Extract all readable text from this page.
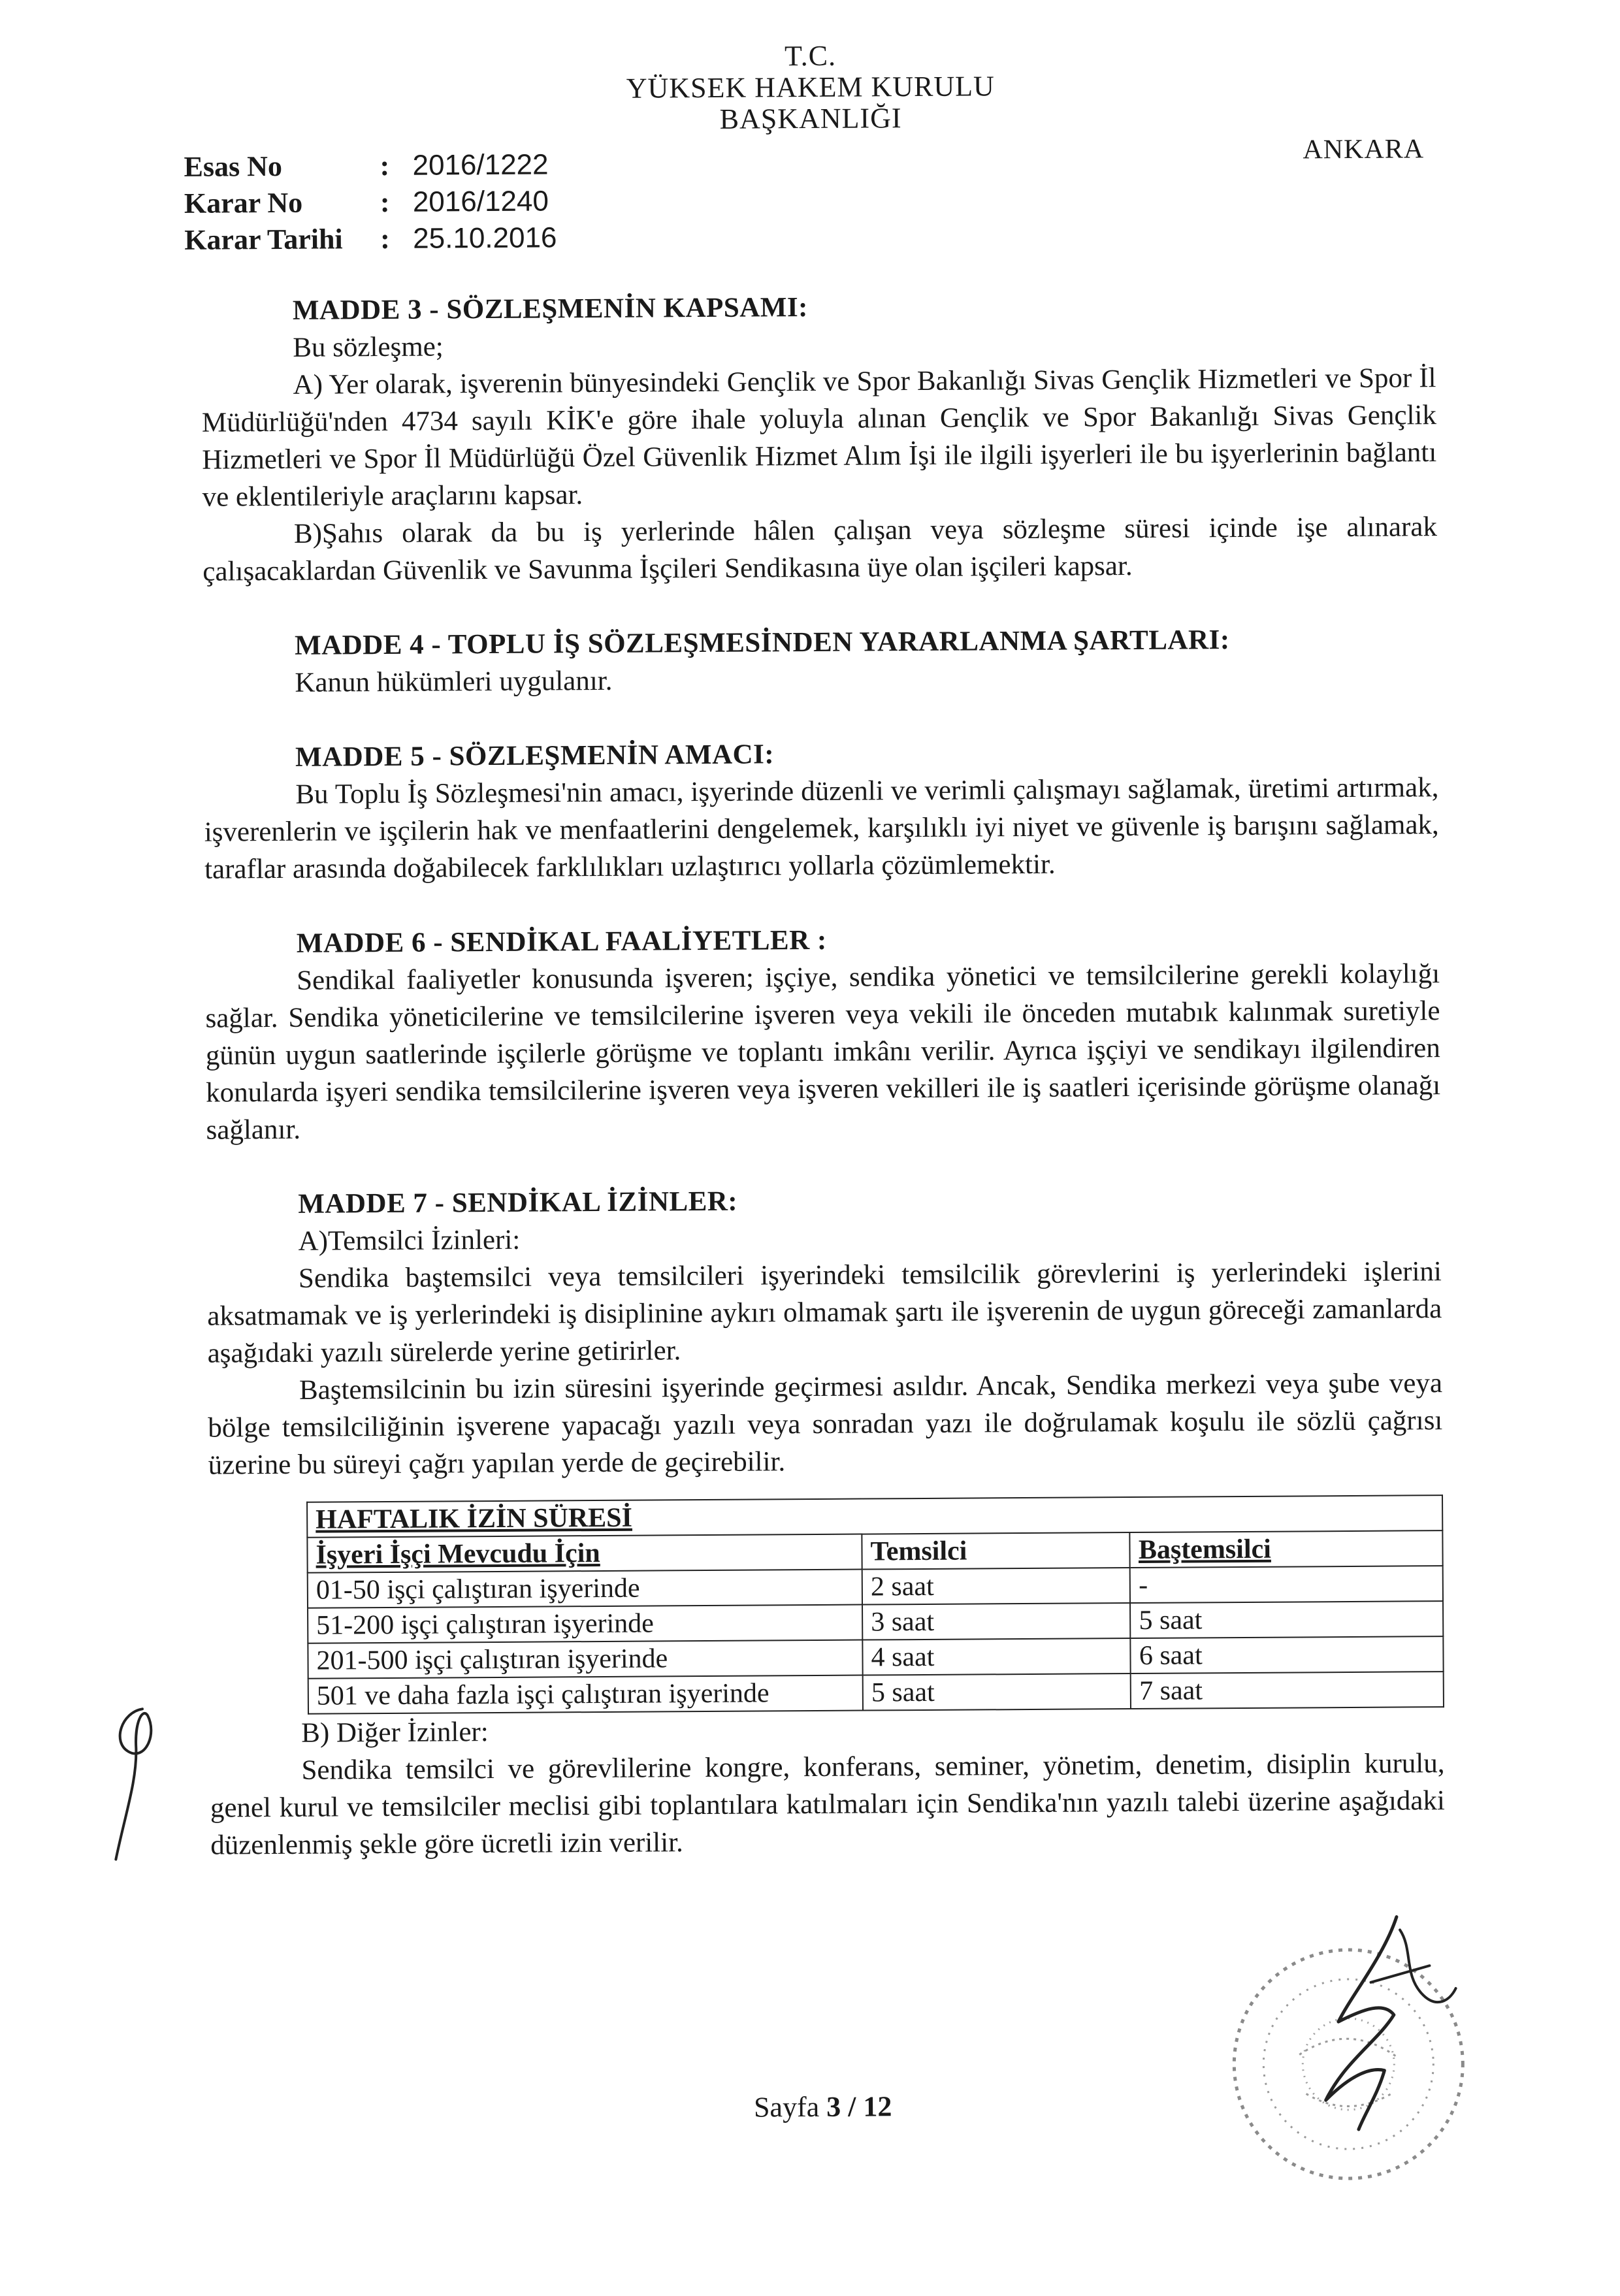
T.C.
YÜKSEK HAKEM KURULU
BAŞKANLIĞI
ANKARA
Esas No	: 2016/1222
Karar No	: 2016/1240
Karar Tarihi : 25.10.2016

MADDE 3 - SÖZLEŞMENİN KAPSAMI:

Bu sözleşme;

A) Yer olarak, işverenin bünyesindeki Gençlik ve Spor Bakanlığı Sivas Gençlik Hizmetleri ve Spor İl Müdürlüğü'nden 4734 sayılı KİK'e göre ihale yoluyla alınan Gençlik ve Spor Bakanlığı Sivas Gençlik Hizmetleri ve Spor İl Müdürlüğü Özel Güvenlik Hizmet Alım İşi ile ilgili işyerleri ile bu işyerlerinin bağlantı ve eklentileriyle araçlarını kapsar.

B)Şahıs olarak da bu iş yerlerinde hâlen çalışan veya sözleşme süresi içinde işe alınarak çalışacaklardan Güvenlik ve Savunma İşçileri Sendikasına üye olan işçileri kapsar.

MADDE 4 - TOPLU İŞ SÖZLEŞMESİNDEN YARARLANMA ŞARTLARI:

Kanun hükümleri uygulanır.

MADDE 5 - SÖZLEŞMENİN AMACI:

Bu Toplu İş Sözleşmesi'nin amacı, işyerinde düzenli ve verimli çalışmayı sağlamak, üretimi artırmak, işverenlerin ve işçilerin hak ve menfaatlerini dengelemek, karşılıklı iyi niyet ve güvenle iş barışını sağlamak, taraflar arasında doğabilecek farklılıkları uzlaştırıcı yollarla çözümlemektir.

MADDE 6 - SENDİKAL FAALİYETLER :

Sendikal faaliyetler konusunda işveren; işçiye, sendika yönetici ve temsilcilerine gerekli kolaylığı sağlar. Sendika yöneticilerine ve temsilcilerine işveren veya vekili ile önceden mutabık kalınmak suretiyle günün uygun saatlerinde işçilerle görüşme ve toplantı imkânı verilir. Ayrıca işçiyi ve sendikayı ilgilendiren konularda işyeri sendika temsilcilerine işveren veya işveren vekilleri ile iş saatleri içerisinde görüşme olanağı sağlanır.

MADDE 7 - SENDİKAL İZİNLER:

A)Temsilci İzinleri:

Sendika baştemsilci veya temsilcileri işyerindeki temsilcilik görevlerini iş yerlerindeki işlerini aksatmamak ve iş yerlerindeki iş disiplinine aykırı olmamak şartı ile işverenin de uygun göreceği zamanlarda aşağıdaki yazılı sürelerde yerine getirirler.

Baştemsilcinin bu izin süresini işyerinde geçirmesi asıldır. Ancak, Sendika merkezi veya şube veya bölge temsilciliğinin işverene yapacağı yazılı veya sonradan yazı ile doğrulamak koşulu ile sözlü çağrısı üzerine bu süreyi çağrı yapılan yerde de geçirebilir.

HAFTALIK İZİN SÜRESİ		
İşyeri İşçi Mevcudu İçin	Temsilci	Baştemsilci
01-50 işçi çalıştıran işyerinde	2 saat	-
51-200 işçi çalıştıran işyerinde	3 saat	5 saat
201-500 işçi çalıştıran işyerinde	4 saat	6 saat
501 ve daha fazla işçi çalıştıran işyerinde	5 saat	7 saat

B) Diğer İzinler:

Sendika temsilci ve görevlilerine kongre, konferans, seminer, yönetim, denetim, disiplin kurulu, genel kurul ve temsilciler meclisi gibi toplantılara katılmaları için Sendika'nın yazılı talebi üzerine aşağıdaki düzenlenmiş şekle göre ücretli izin verilir.

Sayfa 3 / 12
